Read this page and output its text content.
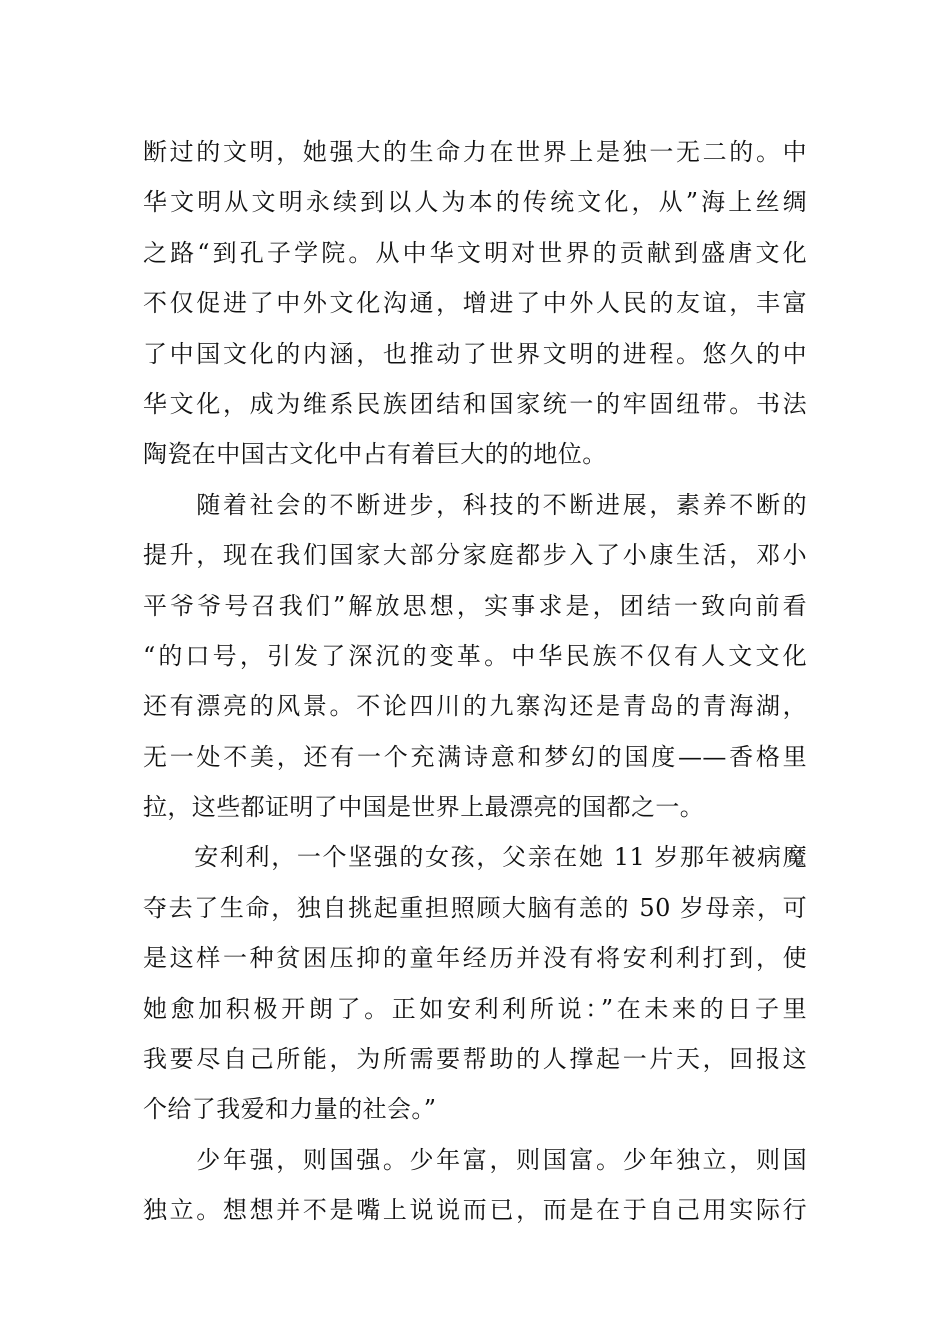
断过的文明，她强大的生命力在世界上是独一无二的。中
华文明从文明永续到以人为本的传统文化，从”海上丝绸
之路“到孔子学院。从中华文明对世界的贡献到盛唐文化
不仅促进了中外文化沟通，增进了中外人民的友谊，丰富
了中国文化的内涵，也推动了世界文明的进程。悠久的中
华文化，成为维系民族团结和国家统一的牢固纽带。书法
陶瓷在中国古文化中占有着巨大的的地位。
　　随着社会的不断进步，科技的不断进展，素养不断的
提升，现在我们国家大部分家庭都步入了小康生活，邓小
平爷爷号召我们”解放思想，实事求是，团结一致向前看
“的口号，引发了深沉的变革。中华民族不仅有人文文化
还有漂亮的风景。不论四川的九寨沟还是青岛的青海湖，
无一处不美，还有一个充满诗意和梦幻的国度——香格里
拉，这些都证明了中国是世界上最漂亮的国都之一。
　　安利利，一个坚强的女孩，父亲在她 11 岁那年被病魔
夺去了生命，独自挑起重担照顾大脑有恙的 50 岁母亲，可
是这样一种贫困压抑的童年经历并没有将安利利打到，使
她愈加积极开朗了。正如安利利所说：”在未来的日子里
我要尽自己所能，为所需要帮助的人撑起一片天，回报这
个给了我爱和力量的社会。”
　　少年强，则国强。少年富，则国富。少年独立，则国
独立。想想并不是嘴上说说而已，而是在于自己用实际行
